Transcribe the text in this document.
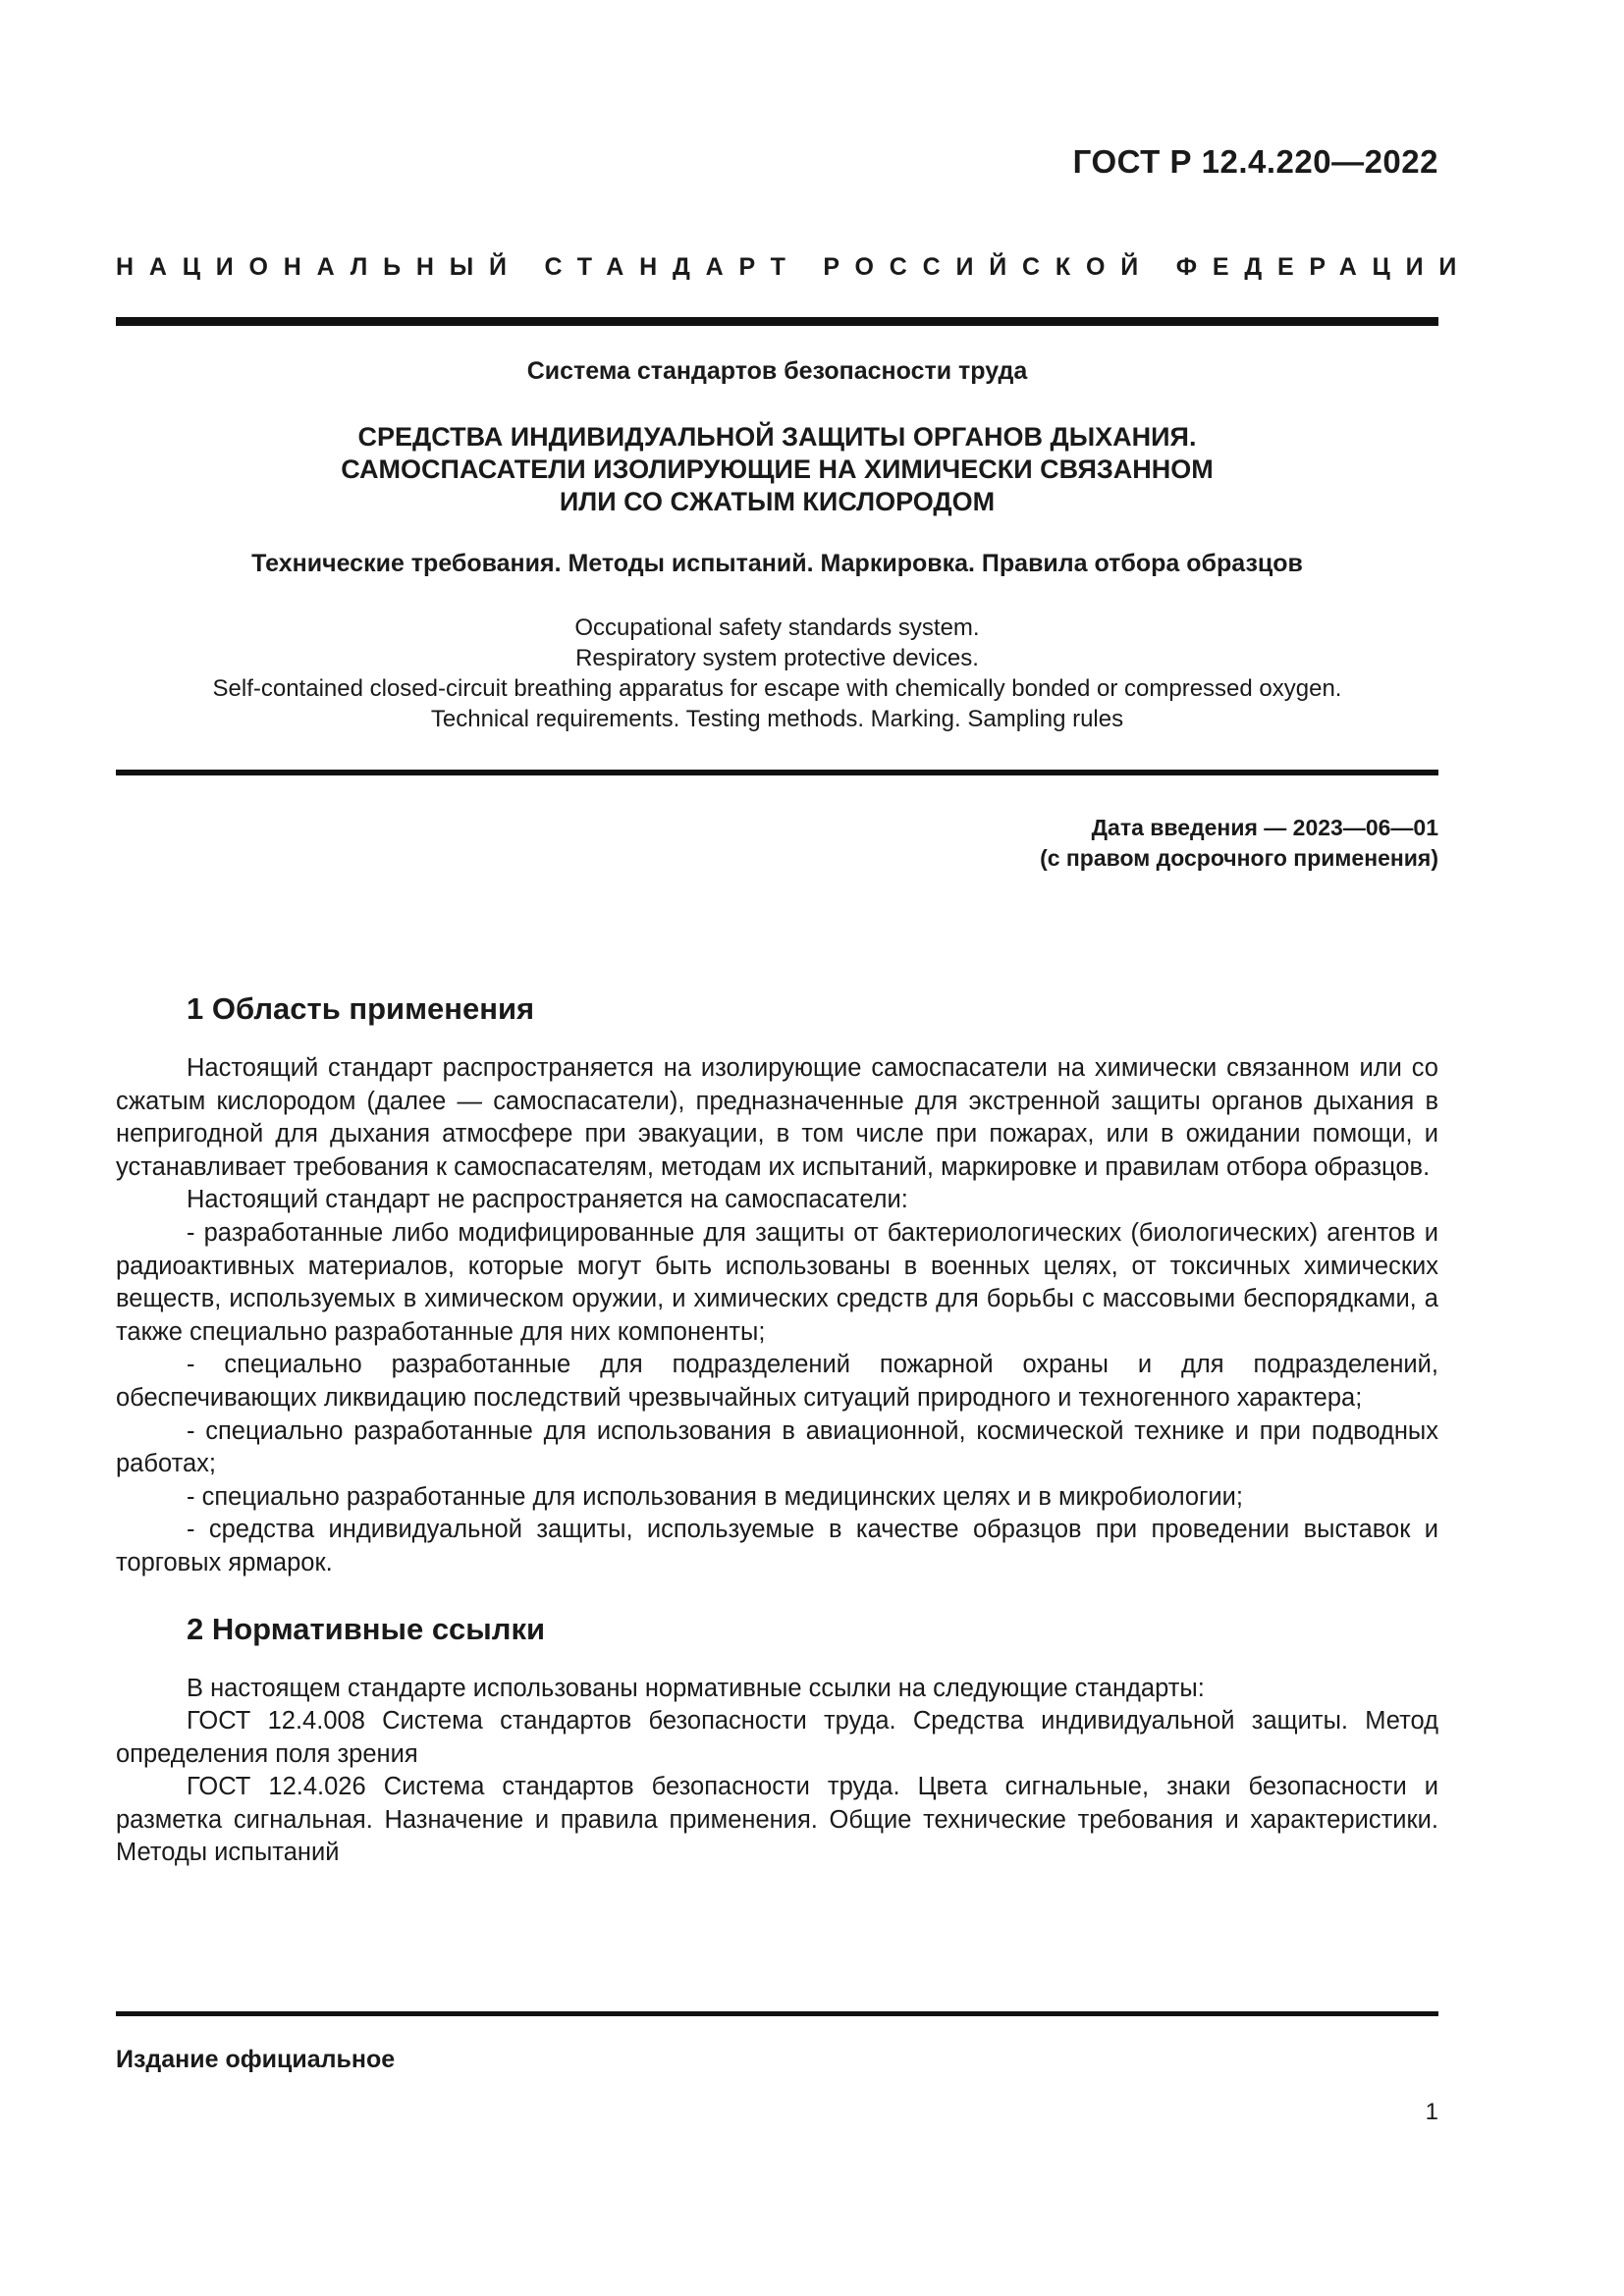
ГОСТ Р 12.4.220—2022
НАЦИОНАЛЬНЫЙ СТАНДАРТ РОССИЙСКОЙ ФЕДЕРАЦИИ
Система стандартов безопасности труда
СРЕДСТВА ИНДИВИДУАЛЬНОЙ ЗАЩИТЫ ОРГАНОВ ДЫХАНИЯ.
САМОСПАСАТЕЛИ ИЗОЛИРУЮЩИЕ НА ХИМИЧЕСКИ СВЯЗАННОМ
ИЛИ СО СЖАТЫМ КИСЛОРОДОМ
Технические требования. Методы испытаний. Маркировка. Правила отбора образцов
Occupational safety standards system.
Respiratory system protective devices.
Self-contained closed-circuit breathing apparatus for escape with chemically bonded or compressed oxygen.
Technical requirements. Testing methods. Marking. Sampling rules
Дата введения — 2023—06—01
(с правом досрочного применения)
1 Область применения

Настоящий стандарт распространяется на изолирующие самоспасатели на химически связанном или со сжатым кислородом (далее — самоспасатели), предназначенные для экстренной защиты органов дыхания в непригодной для дыхания атмосфере при эвакуации, в том числе при пожарах, или в ожидании помощи, и устанавливает требования к самоспасателям, методам их испытаний, маркировке и правилам отбора образцов.

Настоящий стандарт не распространяется на самоспасатели:

- разработанные либо модифицированные для защиты от бактериологических (биологических) агентов и радиоактивных материалов, которые могут быть использованы в военных целях, от токсичных химических веществ, используемых в химическом оружии, и химических средств для борьбы с массовыми беспорядками, а также специально разработанные для них компоненты;

- специально разработанные для подразделений пожарной охраны и для подразделений, обеспечивающих ликвидацию последствий чрезвычайных ситуаций природного и техногенного характера;

- специально разработанные для использования в авиационной, космической технике и при подводных работах;

- специально разработанные для использования в медицинских целях и в микробиологии;

- средства индивидуальной защиты, используемые в качестве образцов при проведении выставок и торговых ярмарок.

2 Нормативные ссылки

В настоящем стандарте использованы нормативные ссылки на следующие стандарты:

ГОСТ 12.4.008 Система стандартов безопасности труда. Средства индивидуальной защиты. Метод определения поля зрения

ГОСТ 12.4.026 Система стандартов безопасности труда. Цвета сигнальные, знаки безопасности и разметка сигнальная. Назначение и правила применения. Общие технические требования и характеристики. Методы испытаний

Издание официальное
1
